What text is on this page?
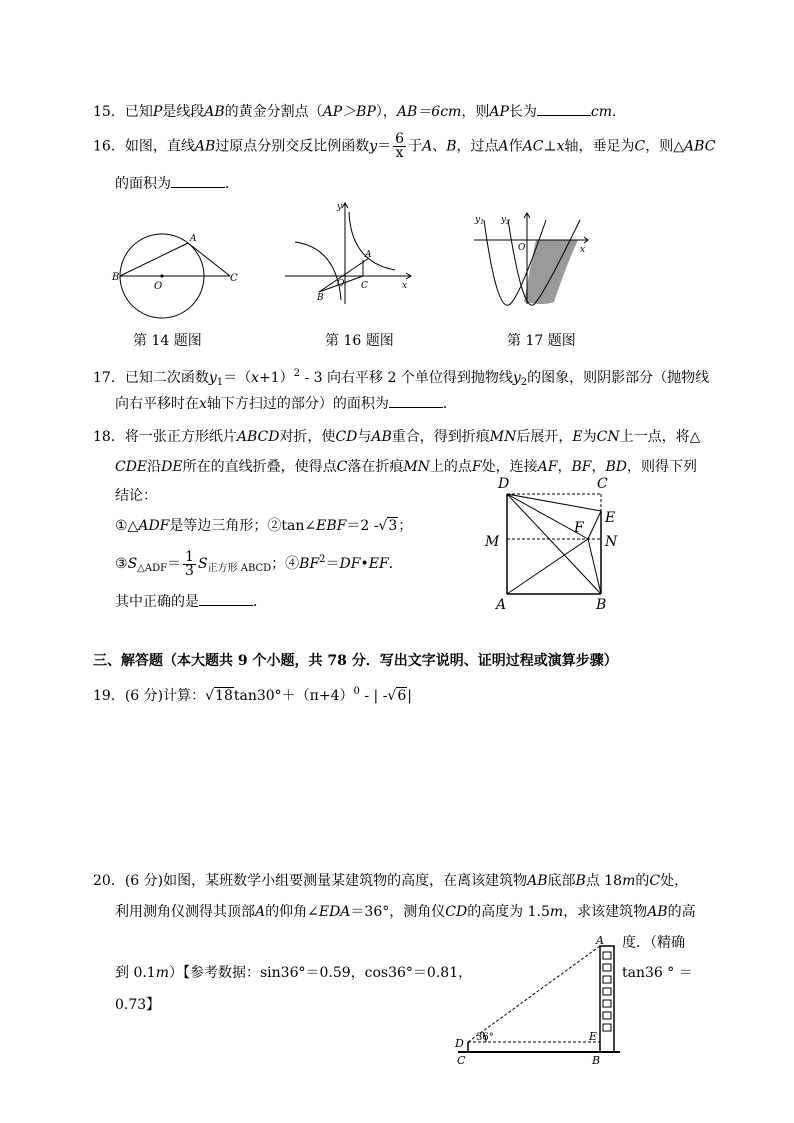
15．已知P是线段AB的黄金分割点（AP＞BP），AB＝6cm，则AP长为	cm．
16．如图，直线AB过原点分别交反比例函数$y= \frac{6}{x}$ 于A、B，过点A作AC⊥x轴，垂足为C，则△ABC
的面积为	．
A
B
O
C
y
x
A
B
O C
$y_1$ $y_2$
O	x
第 14 题图	第 16 题图	第 17 题图
17．已知二次函数$y_1=(x+1)^2 - 3$ 向右平移 2 个单位得到抛物线$y_2$的图象，则阴影部分（抛物线
向右平移时在x轴下方扫过的部分）的面积为	．
18．将一张正方形纸片ABCD对折，使CD与AB重合，得到折痕MN后展开，E为CN上一点，将△
CDE沿DE所在的直线折叠，使得点C落在折痕MN上的点F处，连接AF，BF，BD，则得下列
结论：
①△ADF是等边三角形；②tan∠EBF＝2 -√3；
$③S_{\triangle ADF}= \frac{1}{3} S_{正方形 ABCD}$；$④BF^2=DF•EF$．
其中正确的是	．
D	C
E
F
M	N
A	B
三、解答题（本大题共 9 个小题，共 78 分．写出文字说明、证明过程或演算步骤）
19．(6 分)计算：$√18\tan 30^\circ+(\pi+4)^0$ - | -√6|
20．(6 分)如图，某班数学小组要测量某建筑物的高度，在离该建筑物AB底部B点 18m的C处，
利用测角仪测得其顶部A的仰角∠EDA＝36°，测角仪CD的高度为 1.5m，求该建筑物AB的高
度．（精确
到 0.1m）【参考数据：sin36°＝0.59，cos36°＝0.81，	tan36 ° ＝
0.73】
A
E
D
C	B
36°
